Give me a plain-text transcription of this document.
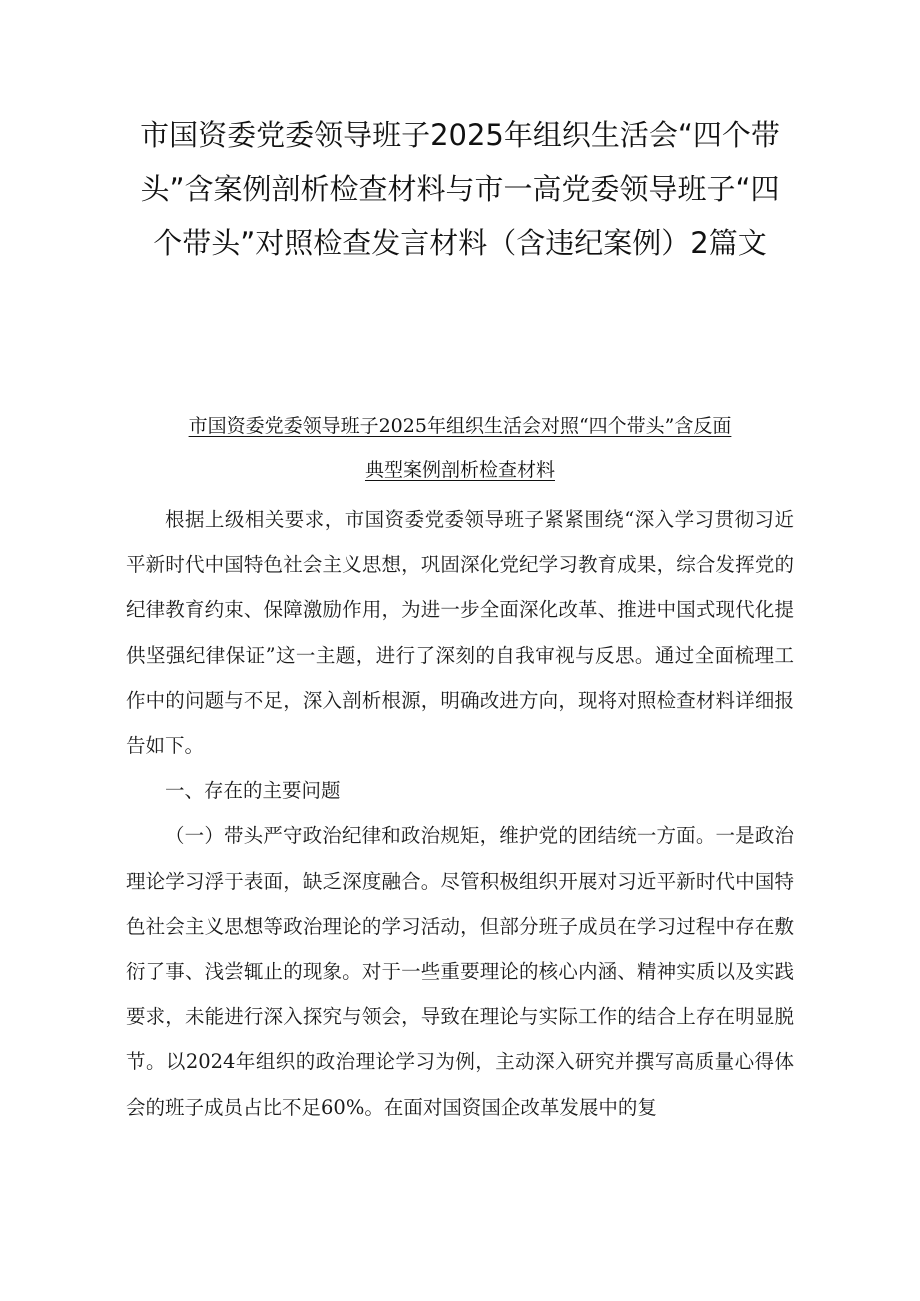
市国资委党委领导班子2025年组织生活会“四个带头”含案例剖析检查材料与市一高党委领导班子“四个带头”对照检查发言材料（含违纪案例）2篇文
市国资委党委领导班子2025年组织生活会对照“四个带头”含反面
典型案例剖析检查材料

根据上级相关要求，市国资委党委领导班子紧紧围绕“深入学习贯彻习近平新时代中国特色社会主义思想，巩固深化党纪学习教育成果，综合发挥党的纪律教育约束、保障激励作用，为进一步全面深化改革、推进中国式现代化提供坚强纪律保证”这一主题，进行了深刻的自我审视与反思。通过全面梳理工作中的问题与不足，深入剖析根源，明确改进方向，现将对照检查材料详细报告如下。

一、存在的主要问题

（一）带头严守政治纪律和政治规矩，维护党的团结统一方面。一是政治理论学习浮于表面，缺乏深度融合。尽管积极组织开展对习近平新时代中国特色社会主义思想等政治理论的学习活动，但部分班子成员在学习过程中存在敷衍了事、浅尝辄止的现象。对于一些重要理论的核心内涵、精神实质以及实践要求，未能进行深入探究与领会，导致在理论与实际工作的结合上存在明显脱节。以2024年组织的政治理论学习为例，主动深入研究并撰写高质量心得体会的班子成员占比不足60%。在面对国资国企改革发展中的复
